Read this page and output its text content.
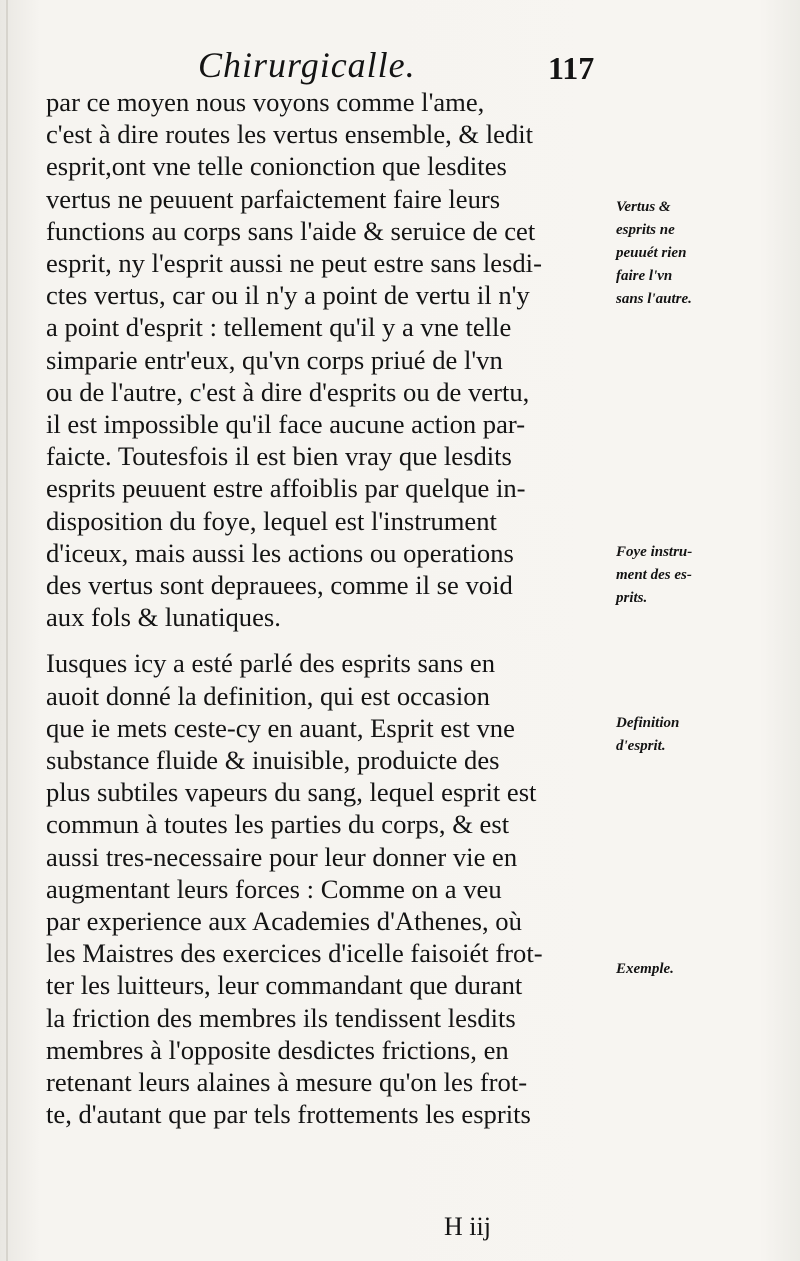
Chirurgicalle.	117
par ce moyen nous voyons comme l'ame,
c'est à dire routes les vertus ensemble, & ledit
esprit,ont vne telle conionction que lesdites
vertus ne peuuent parfaictement faire leurs
functions au corps sans l'aide & seruice de cet
esprit, ny l'esprit aussi ne peut estre sans lesdi-
ctes vertus, car ou il n'y a point de vertu il n'y
a point d'esprit : tellement qu'il y a vne telle
simparie entr'eux, qu'vn corps priué de l'vn
ou de l'autre, c'est à dire d'esprits ou de vertu,
il est impossible qu'il face aucune action par-
faicte. Toutesfois il est bien vray que lesdits
esprits peuuent estre affoiblis par quelque in-
disposition du foye, lequel est l'instrument
d'iceux, mais aussi les actions ou operations
des vertus sont deprauees, comme il se void
aux fols & lunatiques.
Iusques icy a esté parlé des esprits sans en
auoit donné la definition, qui est occasion
que ie mets ceste-cy en auant, Esprit est vne
substance fluide & inuisible, produicte des
plus subtiles vapeurs du sang, lequel esprit est
commun à toutes les parties du corps, & est
aussi tres-necessaire pour leur donner vie en
augmentant leurs forces : Comme on a veu
par experience aux Academies d'Athenes, où
les Maistres des exercices d'icelle faisoiét frot-
ter les luitteurs, leur commandant que durant
la friction des membres ils tendissent lesdits
membres à l'opposite desdictes frictions, en
retenant leurs alaines à mesure qu'on les frot-
te, d'autant que par tels frottements les esprits
Vertus &
esprits ne
peuuét rien
faire l'vn
sans l'autre.
Foye instru-
ment des es-
prits.
Definition
d'esprit.
Exemple.
H iij
